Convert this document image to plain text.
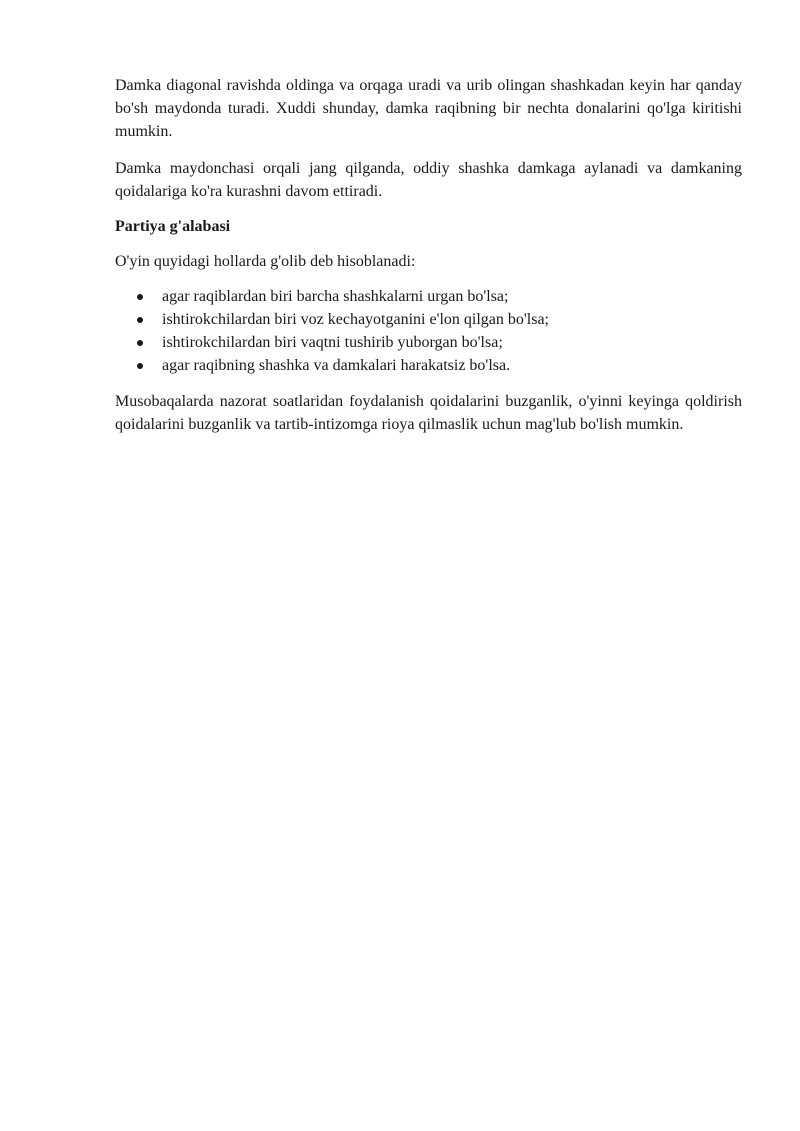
Damka diagonal ravishda oldinga va orqaga uradi va urib olingan shashkadan keyin har qanday bo'sh maydonda turadi. Xuddi shunday, damka raqibning bir nechta donalarini qo'lga kiritishi mumkin.

Damka maydonchasi orqali jang qilganda, oddiy shashka damkaga aylanadi va damkaning qoidalariga ko'ra kurashni davom ettiradi.

Partiya g'alabasi

O'yin quyidagi hollarda g'olib deb hisoblanadi:

agar raqiblardan biri barcha shashkalarni urgan bo'lsa;
ishtirokchilardan biri voz kechayotganini e'lon qilgan bo'lsa;
ishtirokchilardan biri vaqtni tushirib yuborgan bo'lsa;
agar raqibning shashka va damkalari harakatsiz bo'lsa.

Musobaqalarda nazorat soatlaridan foydalanish qoidalarini buzganlik, o'yinni keyinga qoldirish qoidalarini buzganlik va tartib-intizomga rioya qilmaslik uchun mag'lub bo'lish mumkin.
